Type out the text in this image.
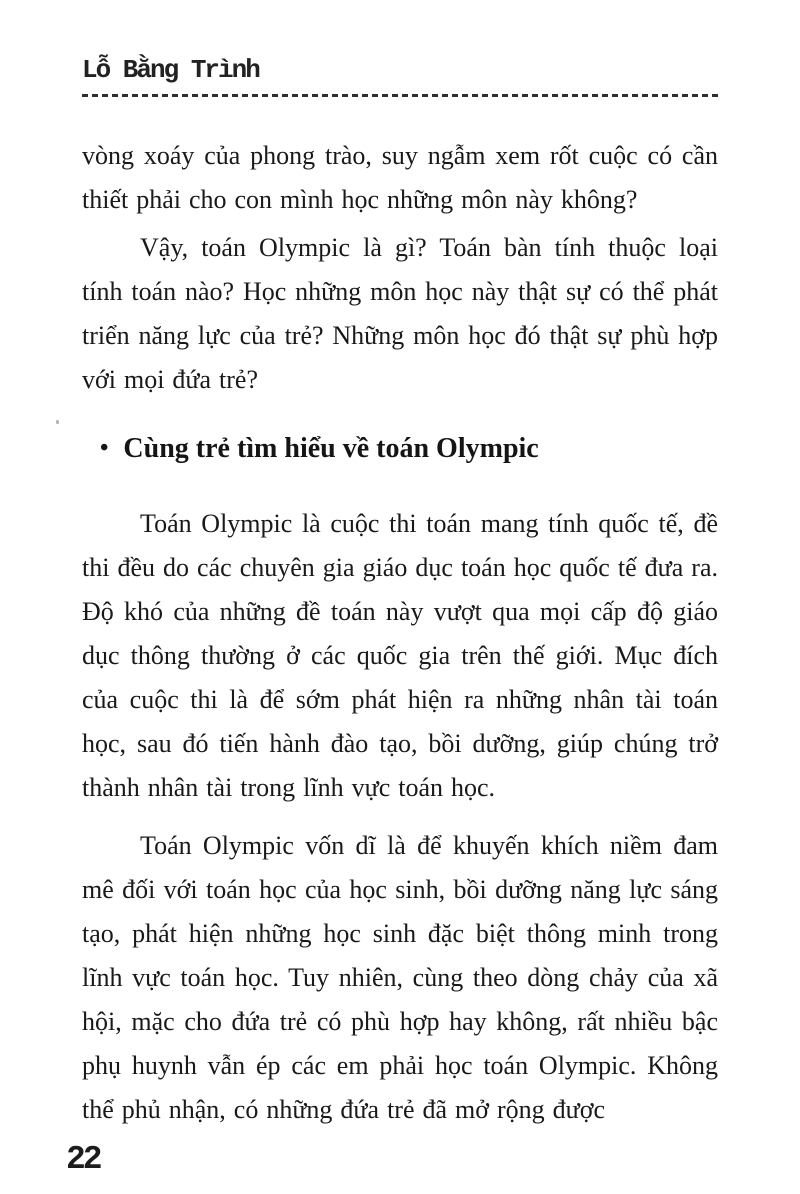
Lỗ Bằng Trình

vòng xoáy của phong trào, suy ngẫm xem rốt cuộc có cần thiết phải cho con mình học những môn này không?

Vậy, toán Olympic là gì? Toán bàn tính thuộc loại tính toán nào? Học những môn học này thật sự có thể phát triển năng lực của trẻ? Những môn học đó thật sự phù hợp với mọi đứa trẻ?

• Cùng trẻ tìm hiểu về toán Olympic

Toán Olympic là cuộc thi toán mang tính quốc tế, đề thi đều do các chuyên gia giáo dục toán học quốc tế đưa ra. Độ khó của những đề toán này vượt qua mọi cấp độ giáo dục thông thường ở các quốc gia trên thế giới. Mục đích của cuộc thi là để sớm phát hiện ra những nhân tài toán học, sau đó tiến hành đào tạo, bồi dưỡng, giúp chúng trở thành nhân tài trong lĩnh vực toán học.

Toán Olympic vốn dĩ là để khuyến khích niềm đam mê đối với toán học của học sinh, bồi dưỡng năng lực sáng tạo, phát hiện những học sinh đặc biệt thông minh trong lĩnh vực toán học. Tuy nhiên, cùng theo dòng chảy của xã hội, mặc cho đứa trẻ có phù hợp hay không, rất nhiều bậc phụ huynh vẫn ép các em phải học toán Olympic. Không thể phủ nhận, có những đứa trẻ đã mở rộng được

22
